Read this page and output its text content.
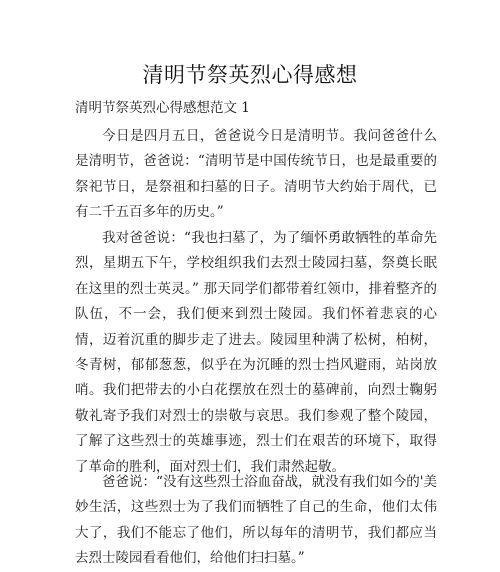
清明节祭英烈心得感想
清明节祭英烈心得感想范文 1

今日是四月五日，爸爸说今日是清明节。我问爸爸什么是清明节，爸爸说：“清明节是中国传统节日，也是最重要的祭祀节日，是祭祖和扫墓的日子。清明节大约始于周代，已有二千五百多年的历史。”

我对爸爸说：“我也扫墓了，为了缅怀勇敢牺牲的革命先烈，星期五下午，学校组织我们去烈士陵园扫墓，祭奠长眠在这里的烈士英灵。” 那天同学们都带着红领巾，排着整齐的队伍，不一会，我们便来到烈士陵园。我们怀着悲哀的心情，迈着沉重的脚步走了进去。陵园里种满了松树，柏树，冬青树，郁郁葱葱，似乎在为沉睡的烈士挡风避雨，站岗放哨。我们把带去的小白花摆放在烈士的墓碑前，向烈士鞠躬敬礼寄予我们对烈士的崇敬与哀思。我们参观了整个陵园，了解了这些烈士的英雄事迹，烈士们在艰苦的环境下，取得了革命的胜利，面对烈士们，我们肃然起敬。

爸爸说：“没有这些烈士浴血奋战，就没有我们如今的'美妙生活，这些烈士为了我们而牺牲了自己的生命，他们太伟大了，我们不能忘了他们，所以每年的清明节，我们都应当去烈士陵园看看他们，给他们扫扫墓。”
